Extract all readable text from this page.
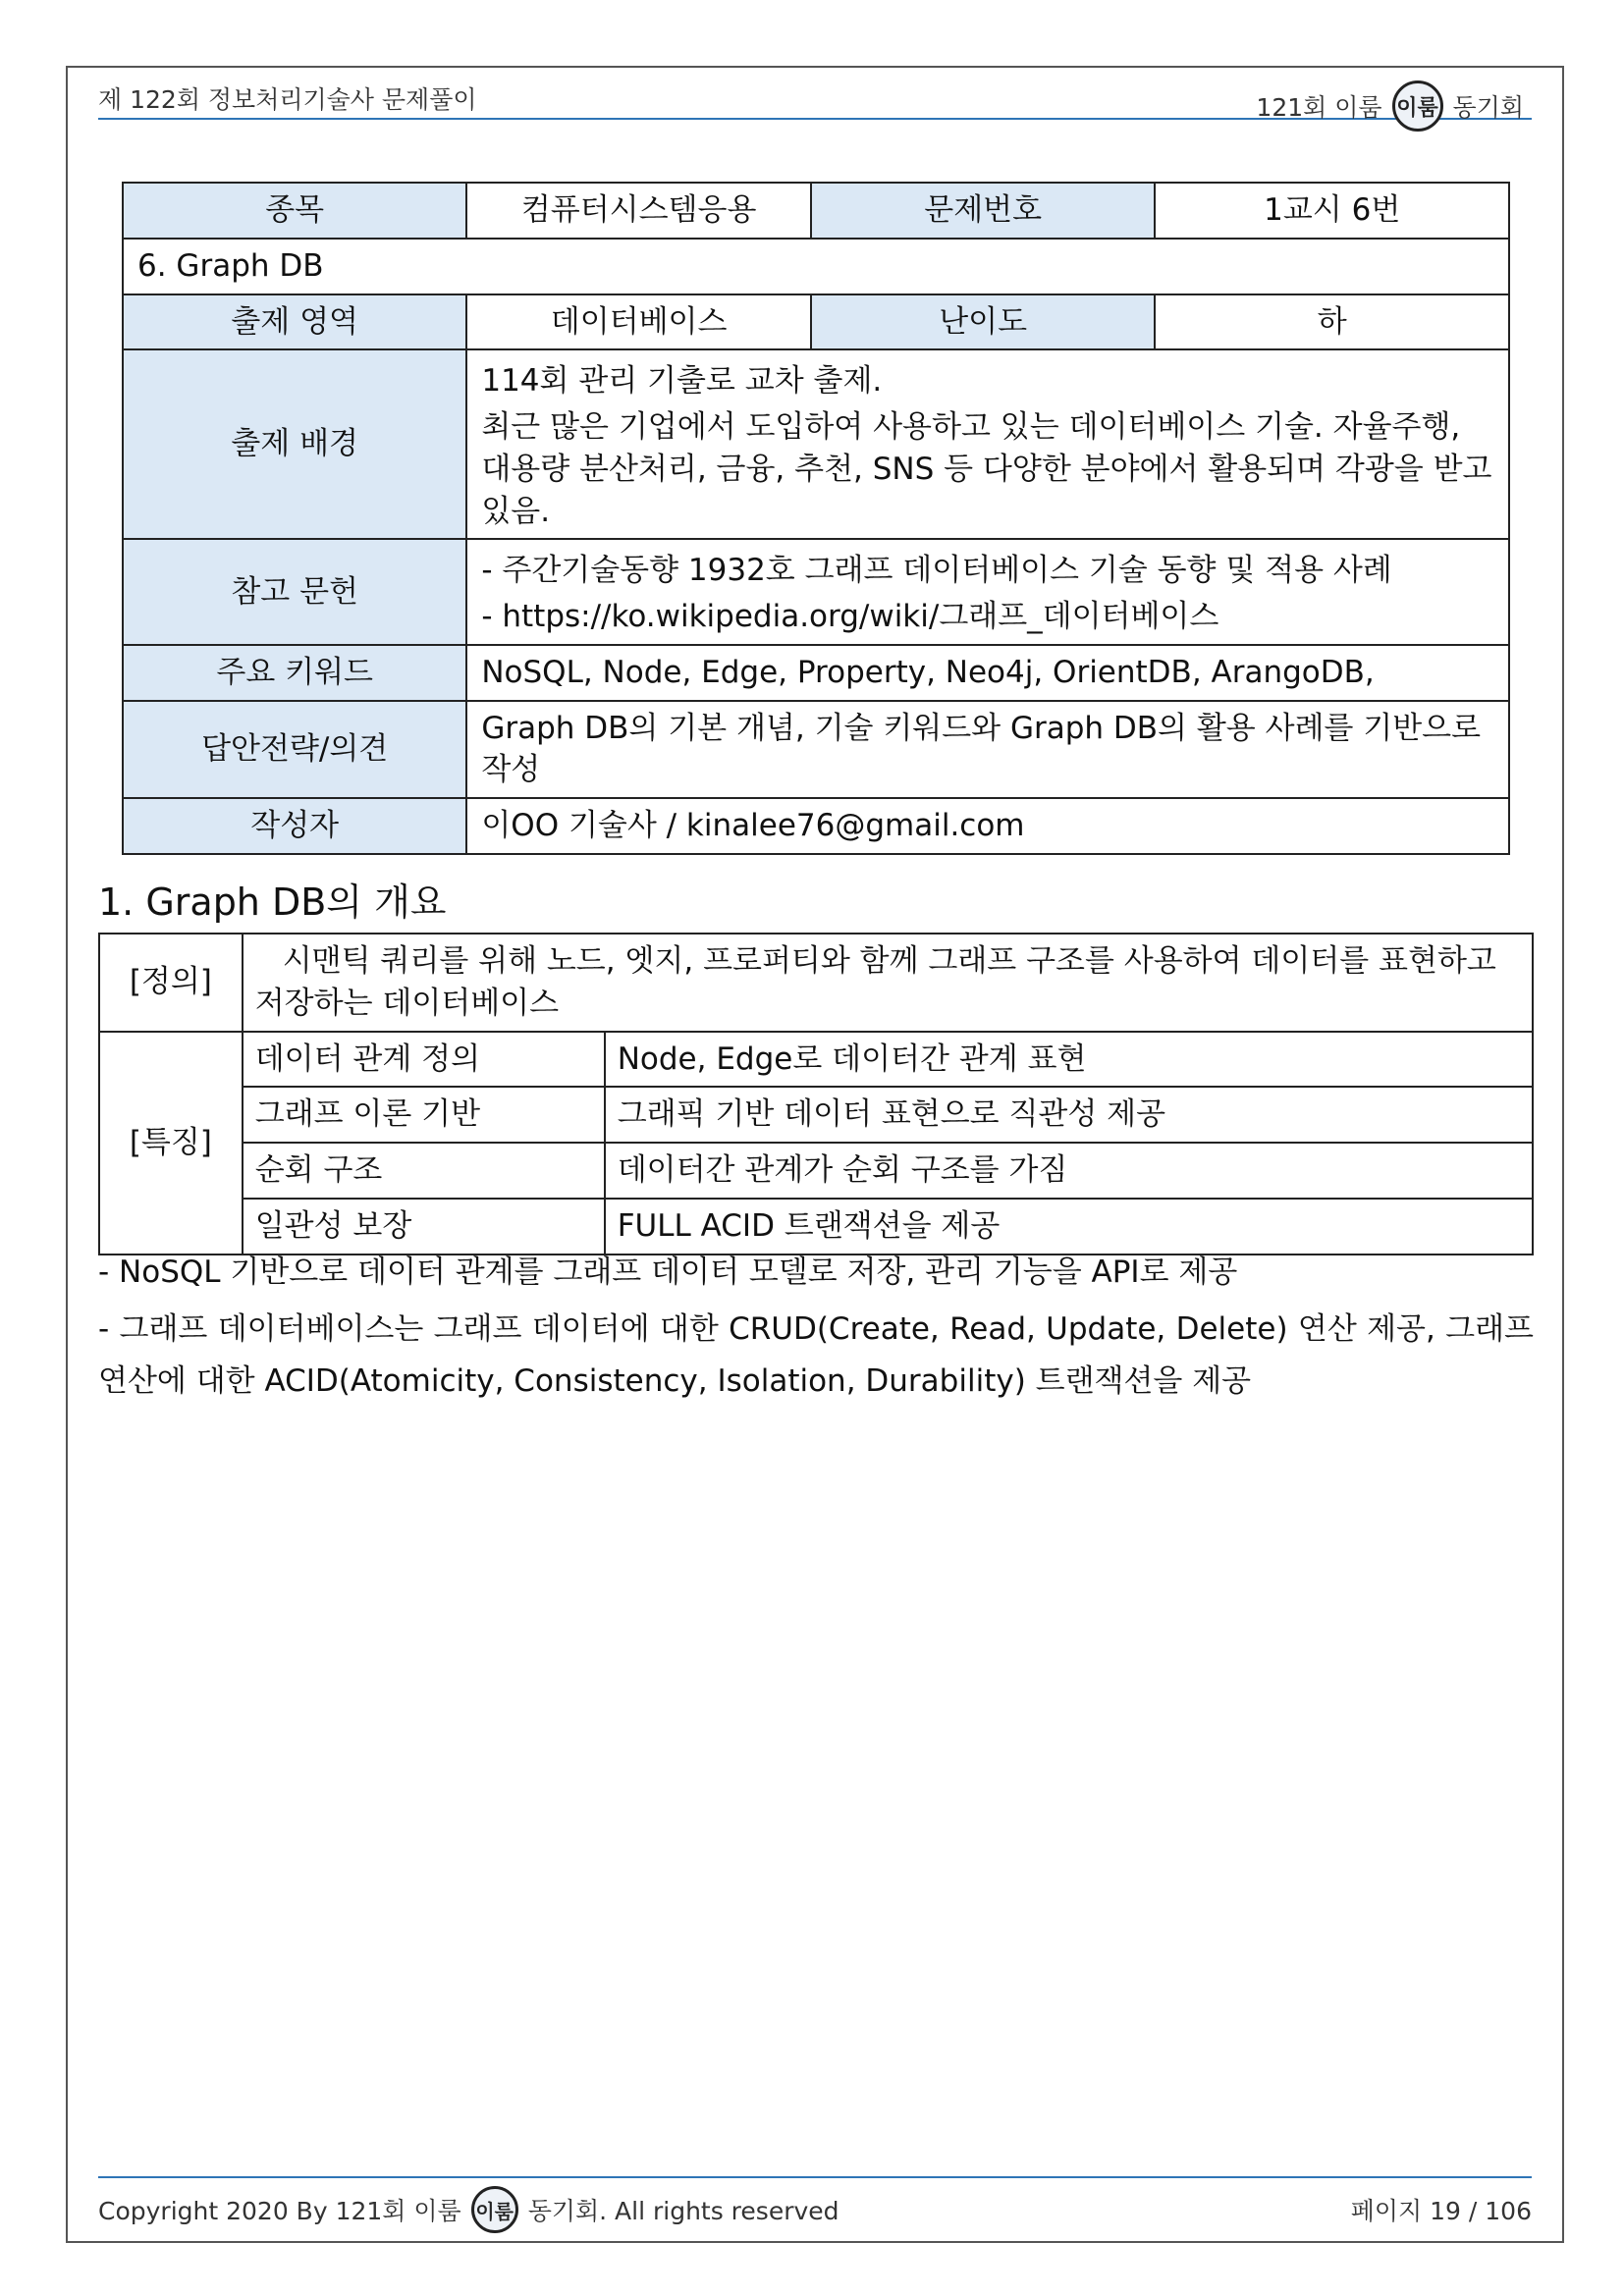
제 122회 정보처리기술사 문제풀이	121회 이룸 이룸 동기회
종목	컴퓨터시스템응용	문제번호	1교시 6번
6. Graph DB			
출제 영역	데이터베이스	난이도	하
출제 배경	114회 관리 기출로 교차 출제.
최근 많은 기업에서 도입하여 사용하고 있는 데이터베이스 기술. 자율주행, 대용량 분산처리, 금융, 추천, SNS 등 다양한 분야에서 활용되며 각광을 받고 있음.		

참고 문헌	- 주간기술동향 1932호 그래프 데이터베이스 기술 동향 및 적용 사례
- https://ko.wikipedia.org/wiki/그래프_데이터베이스		

주요 키워드	NoSQL, Node, Edge, Property, Neo4j, OrientDB, ArangoDB,		
답안전략/의견	Graph DB의 기본 개념, 기술 키워드와 Graph DB의 활용 사례를 기반으로 작성		
작성자	이OO 기술사 / kinalee76@gmail.com		
1. Graph DB의 개요
[정의]	시맨틱 쿼리를 위해 노드, 엣지, 프로퍼티와 함께 그래프 구조를 사용하여 데이터를 표현하고 저장하는 데이터베이스	
[특징]	데이터 관계 정의	Node, Edge로 데이터간 관계 표현
	그래프 이론 기반	그래픽 기반 데이터 표현으로 직관성 제공
	순회 구조	데이터간 관계가 순회 구조를 가짐
	일관성 보장	FULL ACID 트랜잭션을 제공
- NoSQL 기반으로 데이터 관계를 그래프 데이터 모델로 저장, 관리 기능을 API로 제공
- 그래프 데이터베이스는 그래프 데이터에 대한 CRUD(Create, Read, Update, Delete) 연산 제공, 그래프 연산에 대한 ACID(Atomicity, Consistency, Isolation, Durability) 트랜잭션을 제공
Copyright 2020 By 121회 이룸 이룸 동기회. All rights reserved	페이지 19 / 106
